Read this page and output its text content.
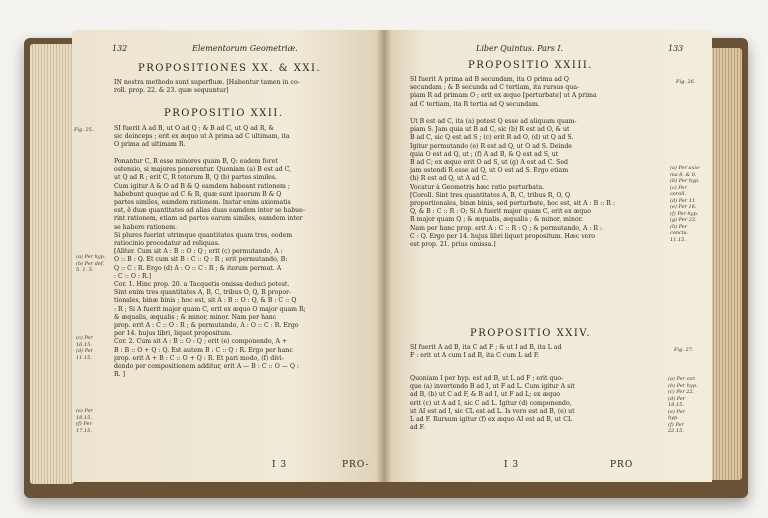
132	Elementorum Geometriæ.
PROPOSITIONES XX. & XXI.
IN nostra methodo sunt superfluæ. [Habentur tamen in co-
roll. prop. 22. & 23. quæ sequuntur]
PROPOSITIO XXII.
Fig. 25.	SI fuerit A ad B, ut O ad Q ; & B ad C, ut Q ad R, &
sic deinceps ; erit ex æquo ut A prima ad C ultimam, ita
O prima ad ultimam R.
Ponantur C, R esse minores quam B, Q: eadem foret
ostensio, si majores ponerentur. Quoniam (a) B est ad C,
ut Q ad R ; erit C, R totorum B, Q (b) partes similes.
Cum igitur A & O ad B & Q eamdem habeant rationem ;
habebunt quoque ad C & R, quæ sunt ipsorum B & Q
partes similes, eamdem rationem. Instar enim axiomatis
est, ê duæ quantitates ad alias duas eamdem inter se habue-
rint rationem, etiam ad partes earum similes, eamdem inter
se habere rationem.
Si plures fuerint utrimque quantitates quam tres, eodem
ratiocinio procedatur ad reliquas.
[Aliter. Cum sit A : B :: O : Q ; erit (c) permutando, A :
O :: B : Q. Et cum sit B : C :: Q : R ; erit permutando, B:
Q :: C : R. Ergo (d) A : O :: C : R ; & iterum permut. A
: C :: O : R.]
Cor. 1. Hinc prop. 20. a Tacquetis omissa deduci potest.
Sint enim tres quantitates A, B, C, tribus O, Q, R propor-
tionales, binæ binis ; hoc est, sit A : B :: O : Q, & B : C :: Q
: R ; Si A fuerit major quam C, erit ex æquo O major quam R;
& æqualis, æqualis ; & minor, minor. Nam per hanc
prop. erit A : C :: O : R ; & permutando, A : O :: C : R. Ergo
per 14. hujus libri, liquet propositum.
Cor. 2. Cum sit A : B :: O : Q ; erit (e) componendo, A +
B : B :: O + Q : Q. Est autem B : C :: Q : R. Ergo per hanc
prop. erit A + B : C :: O + Q : R. Et pari modo, (f) divi-
dendo per compositionem additur, erit A — B : C :: O — Q :
R. ]
(a) Per hyp.
(b) Per def.
5. 1. 5.
(c) Per
16.15.
(d) Per
11.15.
(e) Per
18.15.
(f) Per
17.15.
I 3	PRO-
Liber Quintus. Pars I.	133
PROPOSITIO XXIII.
Fig. 26.
SI fuerit A prima ad B secundam, ita O prima ad Q
secundam ; & B secunda ad C tertiam, ita rursus qua-
piam R ad primam O ; erit ex æquo [perturbate] ut A prima
ad C tertiam, ita R tertia ad Q secundam.
Ut B est ad C, ita (a) potest Q esse ad aliquam quam-
piam S. Jam quia ut B ad C, sic (b) R est ad O, & ut
B ad C, sic Q est ad S ; (c) erit R ad O, (d) ut Q ad S.
Igitur permutando (e) R est ad Q, ut O ad S. Deinde
quia O est ad Q, ut ; (f) A ad B, & Q est ad S, ut
B ad C; ex æquo erit O ad S, ut (g) A est ad C. Sed
jam ostendi R esse ad Q, ut O est ad S. Ergo etiam
(h) R est ad Q, ut A ad C.
Vocatur à Geometris hæc ratio perturbata.
[Coroll. Sint tres quantitates A, B, C, tribus R, O, Q
proportionales, binæ binis, sed perturbate, hoc est, sit A : B :: R :
Q, & B : C :: R : O; Si A fuerit major quam C, erit ex æquo
R major quam Q ; & æqualis, æqualis ; & minor, minor.
Nam per hanc prop. erit A : C :: R : Q ; & permutando, A : R :
C : Q. Ergo per 14. hujus libri liquet propositum. Hæc vero
est prop. 21. prius omissa.]
(a) Per axio-
ma 8. & 8.
(b) Per hyp.
(c) Per
coroll.
(d) Per 11.
(e) Per 16.
(f) Per hyp.
(g) Per 22.
(h) Per
conclu.
11.15.
PROPOSITIO XXIV.
Fig. 27.
SI fuerit A ad B, ita C ad F ; & ut I ad B, ita L ad
F : erit ut A cum I ad B, ita C cum L ad F.
Quoniam I per hyp. est ad B, ut L ad F ; erit quo-
que (a) invertendo B ad I, ut F ad L. Cum igitur A sit
ad B, (b) ut C ad F, & B ad I, ut F ad L; ex æquo
erit (c) ut A ad I, sic C ad L. Igitur (d) componendo,
ut AI est ad I, sic CL est ad L. Is vero est ad B, (e) ut
L ad F. Rursum igitur (f) ex æquo AI est ad B, ut CL
ad F.
(a) Per cor.
(b) Per hyp.
(c) Per 22.
(d) Per
18.15.
(e) Per
hyp.
(f) Per
22.15.
I 3	PRO
